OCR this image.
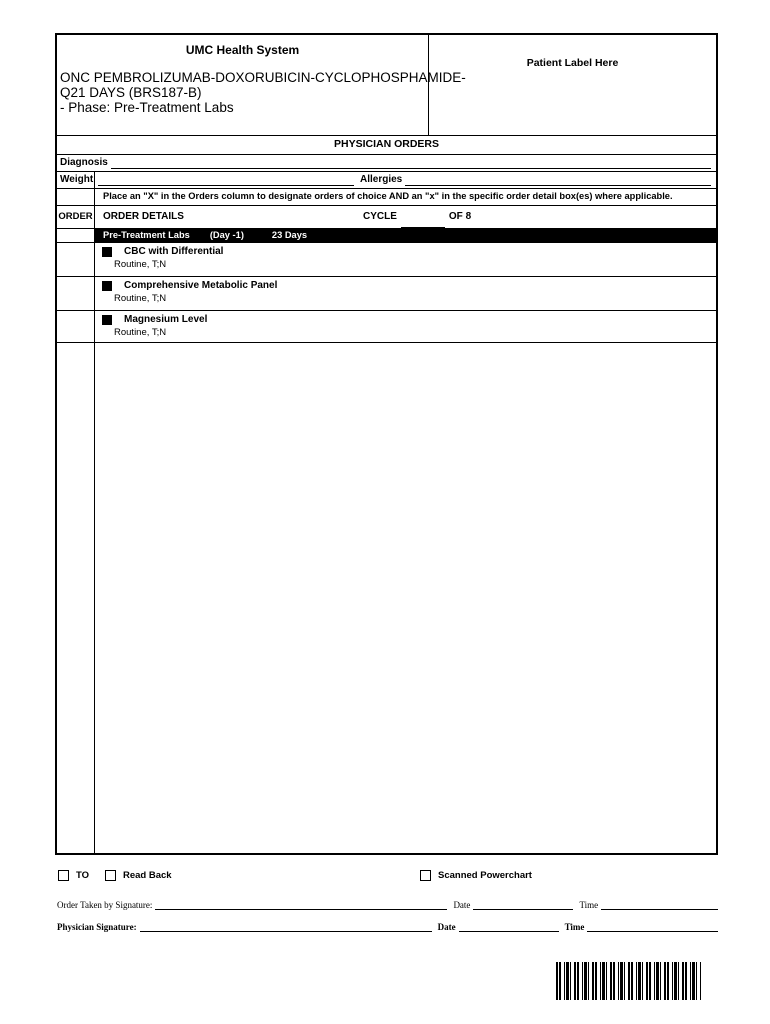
UMC Health System
ONC PEMBROLIZUMAB-DOXORUBICIN-CYCLOPHOSPHAMIDE-
Q21 DAYS (BRS187-B)
- Phase: Pre-Treatment Labs
Patient Label Here
PHYSICIAN ORDERS
Diagnosis
Weight	Allergies
Place an "X" in the Orders column to designate orders of choice AND an "x" in the specific order detail box(es) where applicable.
ORDER	ORDER DETAILS	CYCLE	OF 8
Pre-Treatment Labs (Day -1)	23 Days
CBC with Differential
Routine, T;N
Comprehensive Metabolic Panel
Routine, T;N
Magnesium Level
Routine, T;N
TO	Read Back	Scanned Powerchart
Order Taken by Signature:	Date	Time
Physician Signature:	Date	Time
